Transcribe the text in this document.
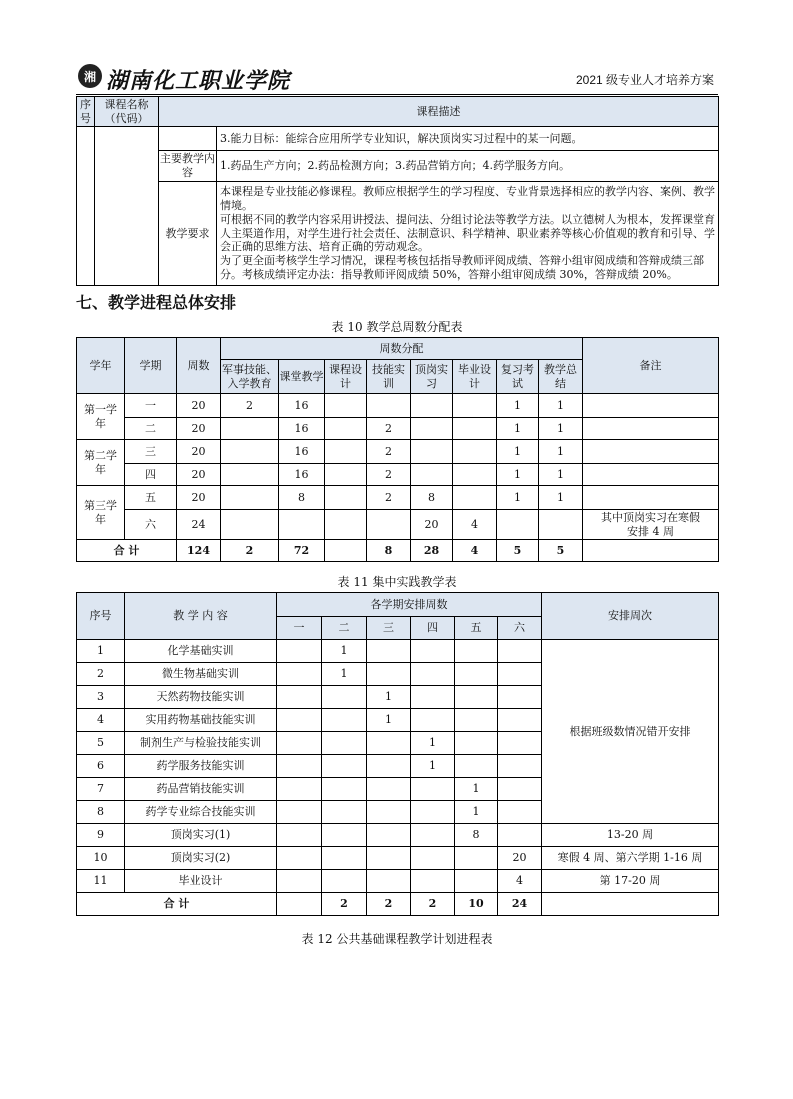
湘 湖南化工职业学院	2021 级专业人才培养方案
序号	课程名称（代码）	课程描述	
			3.能力目标：能综合应用所学专业知识，解决顶岗实习过程中的某一问题。
		主要教学内容	1.药品生产方向；2.药品检测方向；3.药品营销方向；4.药学服务方向。
		教学要求	本课程是专业技能必修课程。教师应根据学生的学习程度、专业背景选择相应的教学内容、案例、教学情境。
可根据不同的教学内容采用讲授法、提问法、分组讨论法等教学方法。以立德树人为根本，发挥课堂育人主渠道作用，对学生进行社会责任、法制意识、科学精神、职业素养等核心价值观的教育和引导、学会正确的思维方法、培育正确的劳动观念。
为了更全面考核学生学习情况，课程考核包括指导教师评阅成绩、答辩小组审阅成绩和答辩成绩三部分。考核成绩评定办法：指导教师评阅成绩 50%，答辩小组审阅成绩 30%，答辩成绩 20%。
七、教学进程总体安排
表 10 教学总周数分配表
学年	学期	周数	周数分配								备注
			军事技能、入学教育	课堂教学	课程设计	技能实训	顶岗实习	毕业设计	复习考试	教学总结	
第一学年	一	20	2	16					1	1	
	二	20		16		2			1	1	
第二学年	三	20		16		2			1	1	
	四	20		16		2			1	1	
第三学年	五	20		8		2	8		1	1	
	六	24					20	4			其中顶岗实习在寒假安排 4 周
合 计		124	2	72		8	28	4	5	5	
表 11 集中实践教学表
序号	教 学 内 容	各学期安排周数						安排周次
		一	二	三	四	五	六	
1	化学基础实训		1					根据班级数情况错开安排
2	微生物基础实训		1					
3	天然药物技能实训			1				
4	实用药物基础技能实训			1				
5	制剂生产与检验技能实训				1			
6	药学服务技能实训				1			
7	药品营销技能实训					1		
8	药学专业综合技能实训					1		
9	顶岗实习(1)					8		13-20 周
10	顶岗实习(2)						20	寒假 4 周、第六学期 1-16 周
11	毕业设计						4	第 17-20 周
合 计			2	2	2	10	24	
表 12 公共基础课程教学计划进程表
